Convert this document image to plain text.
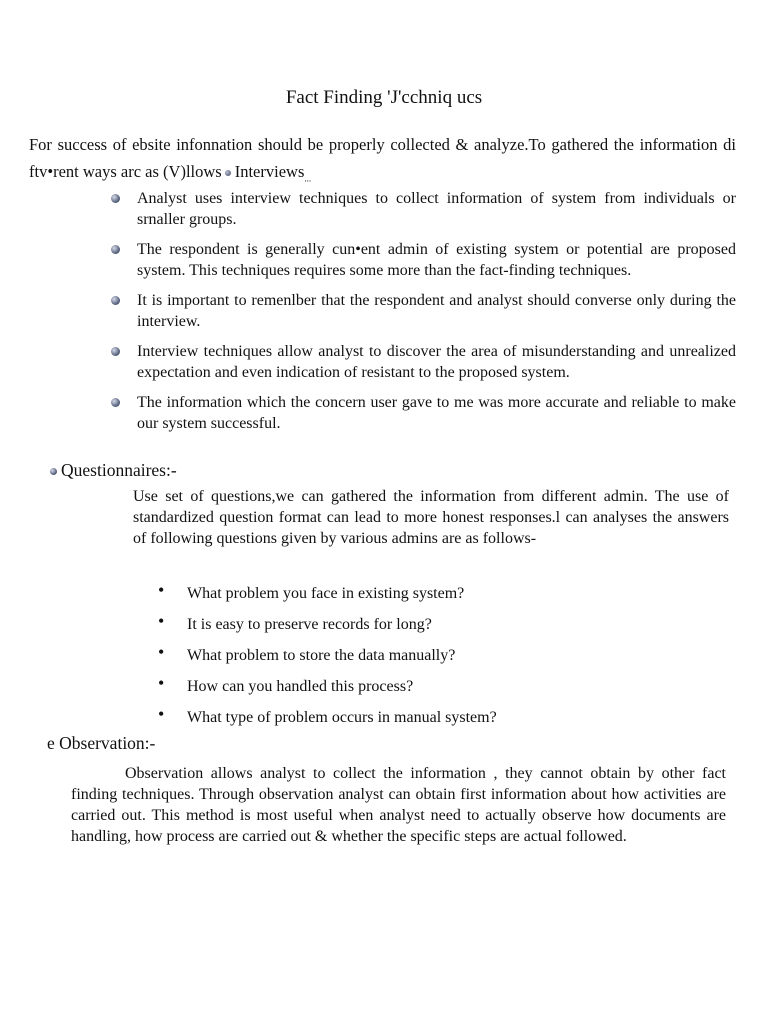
Fact Finding 'J'cchniq ucs
For success of ebsite infonnation should be properly collected & analyze.To gathered the information di ftv•rent ways arc as (V)llows Interviews$_{...}$
Analyst uses interview techniques to collect information of system from individuals or srnaller groups.
The respondent is generally cun•ent admin of existing system or potential are proposed system. This techniques requires some more than the fact-finding techniques.
It is important to remenlber that the respondent and analyst should converse only during the interview.
Interview techniques allow analyst to discover the area of misunderstanding and unrealized expectation and even indication of resistant to the proposed system.
The information which the concern user gave to me was more accurate and reliable to make our system successful.
Questionnaires:-
Use set of questions,we can gathered the information from different admin. The use of standardized question format can lead to more honest responses.l can analyses the answers of following questions given by various admins are as follows-
• What problem you face in existing system?
• It is easy to preserve records for long?
• What problem to store the data manually?
• How can you handled this process?
• What type of problem occurs in manual system?
e Observation:-
Observation allows analyst to collect the information , they cannot obtain by other fact finding techniques. Through observation analyst can obtain first information about how activities are carried out. This method is most useful when analyst need to actually observe how documents are handling, how process are carried out & whether the specific steps are actual followed.
